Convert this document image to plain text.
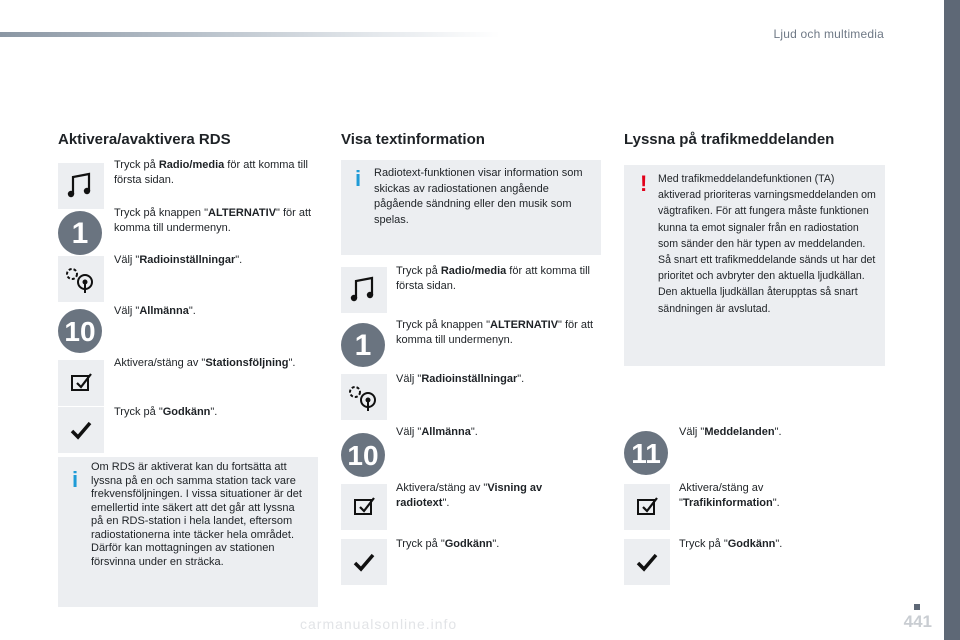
Ljud och multimedia
441
carmanualsonline.info
Aktivera/avaktivera RDS
Tryck på Radio/media för att komma till första sidan.
1
Tryck på knappen "ALTERNATIV" för att komma till undermenyn.
Välj "Radioinställningar".
10
Välj "Allmänna".
Aktivera/stäng av "Stationsföljning".
Tryck på "Godkänn".
i Om RDS är aktiverat kan du fortsätta att lyssna på en och samma station tack vare frekvensföljningen. I vissa situationer är det emellertid inte säkert att det går att lyssna på en RDS-station i hela landet, eftersom radiostationerna inte täcker hela området. Därför kan mottagningen av stationen försvinna under en sträcka.
Visa textinformation
i Radiotext-funktionen visar information som skickas av radiostationen angående pågående sändning eller den musik som spelas.
Tryck på Radio/media för att komma till första sidan.
1
Tryck på knappen "ALTERNATIV" för att komma till undermenyn.
Välj "Radioinställningar".
10
Välj "Allmänna".
Aktivera/stäng av "Visning av radiotext".
Tryck på "Godkänn".
Lyssna på trafikmeddelanden
! Med trafikmeddelandefunktionen (TA) aktiverad prioriteras varningsmeddelanden om vägtrafiken. För att fungera måste funktionen kunna ta emot signaler från en radiostation som sänder den här typen av meddelanden. Så snart ett trafikmeddelande sänds ut har det prioritet och avbryter den aktuella ljudkällan. Den aktuella ljudkällan återupptas så snart sändningen är avslutad.
11
Välj "Meddelanden".
Aktivera/stäng av "Trafikinformation".
Tryck på "Godkänn".
